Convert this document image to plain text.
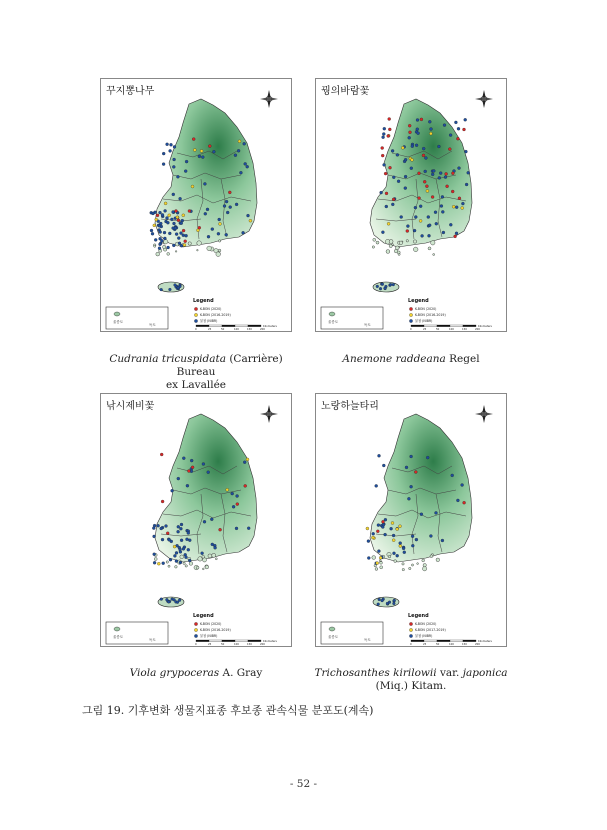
울릉도
독도
Legend
K-BON (2020)
K-BON (2016-2019)
불참 (NIBR)
0	25	50	100	150	200
Kilometers
꾸지뽕나무
Cudrania tricuspidata (Carrière) Bureau
ex Lavallée
울릉도
독도
Legend
K-BON (2020)
K-BON (2016-2019)
불참 (NIBR)
0	25	50	100	150	200
Kilometers
꿩의바람꽃
Anemone raddeana Regel
울릉도
독도
Legend
K-BON (2020)
K-BON (2016-2019)
불참 (NIBR)
0	25	50	100	150	200
Kilometers
낚시제비꽃
Viola grypoceras A. Gray
울릉도
독도
Legend
K-BON (2020)
K-BON (2017-2019)
불참 (NIBR)
0	25	50	100	150	200
Kilometers
노랑하늘타리
Trichosanthes kirilowii var. japonica
(Miq.) Kitam.
그림 19. 기후변화 생물지표종 후보종 관속식물 분포도(계속)
- 52 -
